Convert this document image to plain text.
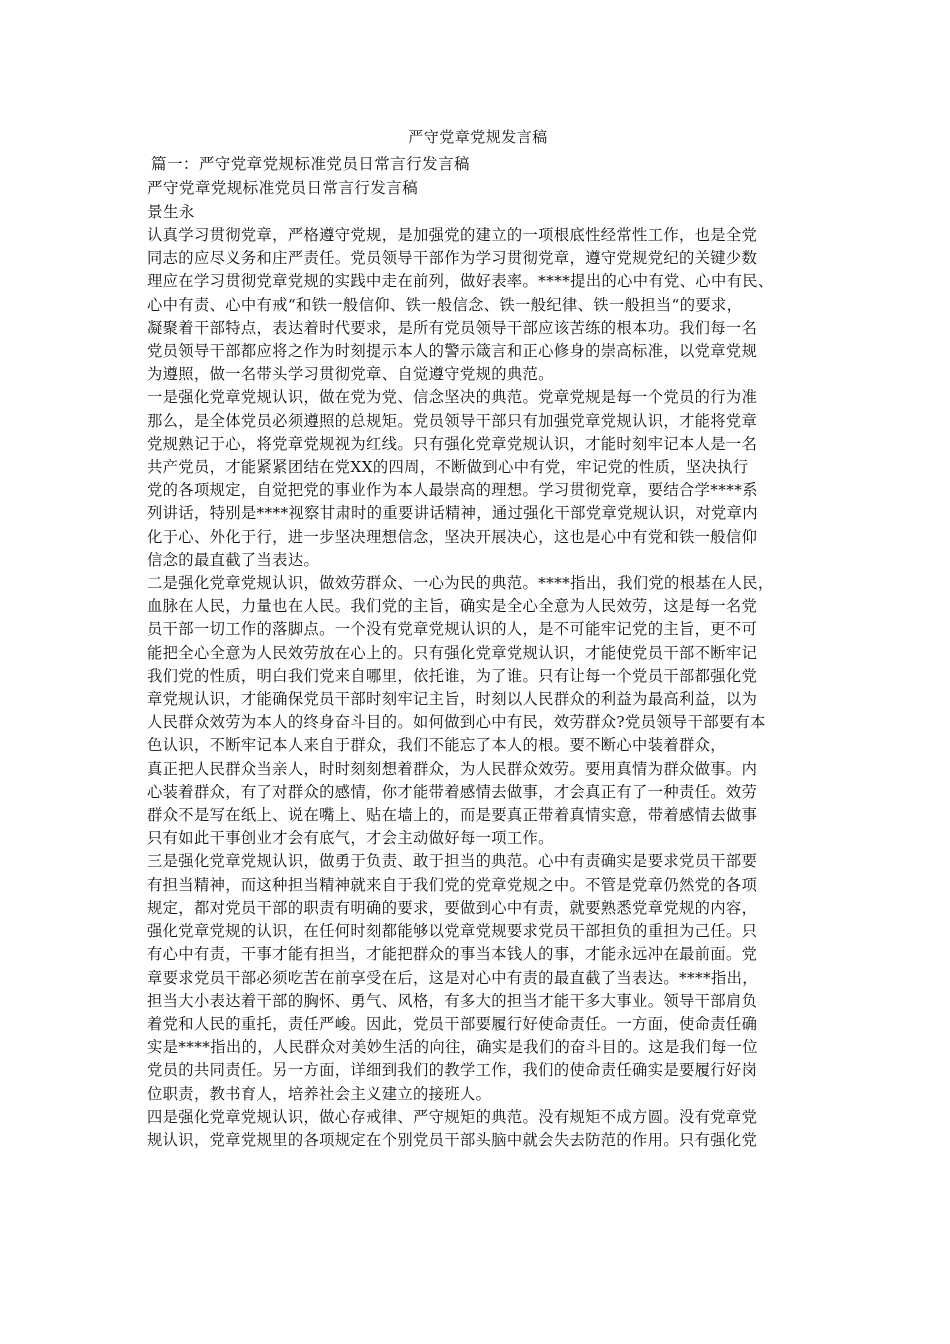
严守党章党规发言稿
篇一：严守党章党规标准党员日常言行发言稿
严守党章党规标准党员日常言行发言稿
景生永
认真学习贯彻党章，严格遵守党规，是加强党的建立的一项根底性经常性工作，也是全党
同志的应尽义务和庄严责任。党员领导干部作为学习贯彻党章，遵守党规党纪的关键少数
理应在学习贯彻党章党规的实践中走在前列，做好表率。****提出的心中有党、心中有民、
心中有责、心中有戒“和铁一般信仰、铁一般信念、铁一般纪律、铁一般担当“的要求，
凝聚着干部特点，表达着时代要求，是所有党员领导干部应该苦练的根本功。我们每一名
党员领导干部都应将之作为时刻提示本人的警示箴言和正心修身的崇高标准，以党章党规
为遵照，做一名带头学习贯彻党章、自觉遵守党规的典范。
一是强化党章党规认识，做在党为党、信念坚决的典范。党章党规是每一个党员的行为准
那么，是全体党员必须遵照的总规矩。党员领导干部只有加强党章党规认识，才能将党章
党规熟记于心，将党章党规视为红线。只有强化党章党规认识，才能时刻牢记本人是一名
共产党员，才能紧紧团结在党XX的四周，不断做到心中有党，牢记党的性质，坚决执行
党的各项规定，自觉把党的事业作为本人最崇高的理想。学习贯彻党章，要结合学****系
列讲话，特别是****视察甘肃时的重要讲话精神，通过强化干部党章党规认识，对党章内
化于心、外化于行，进一步坚决理想信念，坚决开展决心，这也是心中有党和铁一般信仰
信念的最直截了当表达。
二是强化党章党规认识，做效劳群众、一心为民的典范。****指出，我们党的根基在人民，
血脉在人民，力量也在人民。我们党的主旨，确实是全心全意为人民效劳，这是每一名党
员干部一切工作的落脚点。一个没有党章党规认识的人，是不可能牢记党的主旨，更不可
能把全心全意为人民效劳放在心上的。只有强化党章党规认识，才能使党员干部不断牢记
我们党的性质，明白我们党来自哪里，依托谁，为了谁。只有让每一个党员干部都强化党
章党规认识，才能确保党员干部时刻牢记主旨，时刻以人民群众的利益为最高利益，以为
人民群众效劳为本人的终身奋斗目的。如何做到心中有民，效劳群众?党员领导干部要有本
色认识，不断牢记本人来自于群众，我们不能忘了本人的根。要不断心中装着群众，
真正把人民群众当亲人，时时刻刻想着群众，为人民群众效劳。要用真情为群众做事。内
心装着群众，有了对群众的感情，你才能带着感情去做事，才会真正有了一种责任。效劳
群众不是写在纸上、说在嘴上、贴在墙上的，而是要真正带着真情实意，带着感情去做事
只有如此干事创业才会有底气，才会主动做好每一项工作。
三是强化党章党规认识，做勇于负责、敢于担当的典范。心中有责确实是要求党员干部要
有担当精神，而这种担当精神就来自于我们党的党章党规之中。不管是党章仍然党的各项
规定，都对党员干部的职责有明确的要求，要做到心中有责，就要熟悉党章党规的内容，
强化党章党规的认识，在任何时刻都能够以党章党规要求党员干部担负的重担为己任。只
有心中有责，干事才能有担当，才能把群众的事当本钱人的事，才能永远冲在最前面。党
章要求党员干部必须吃苦在前享受在后，这是对心中有责的最直截了当表达。****指出，
担当大小表达着干部的胸怀、勇气、风格，有多大的担当才能干多大事业。领导干部肩负
着党和人民的重托，责任严峻。因此，党员干部要履行好使命责任。一方面，使命责任确
实是****指出的，人民群众对美妙生活的向往，确实是我们的奋斗目的。这是我们每一位
党员的共同责任。另一方面，详细到我们的教学工作，我们的使命责任确实是要履行好岗
位职责，教书育人，培养社会主义建立的接班人。
四是强化党章党规认识，做心存戒律、严守规矩的典范。没有规矩不成方圆。没有党章党
规认识，党章党规里的各项规定在个别党员干部头脑中就会失去防范的作用。只有强化党
